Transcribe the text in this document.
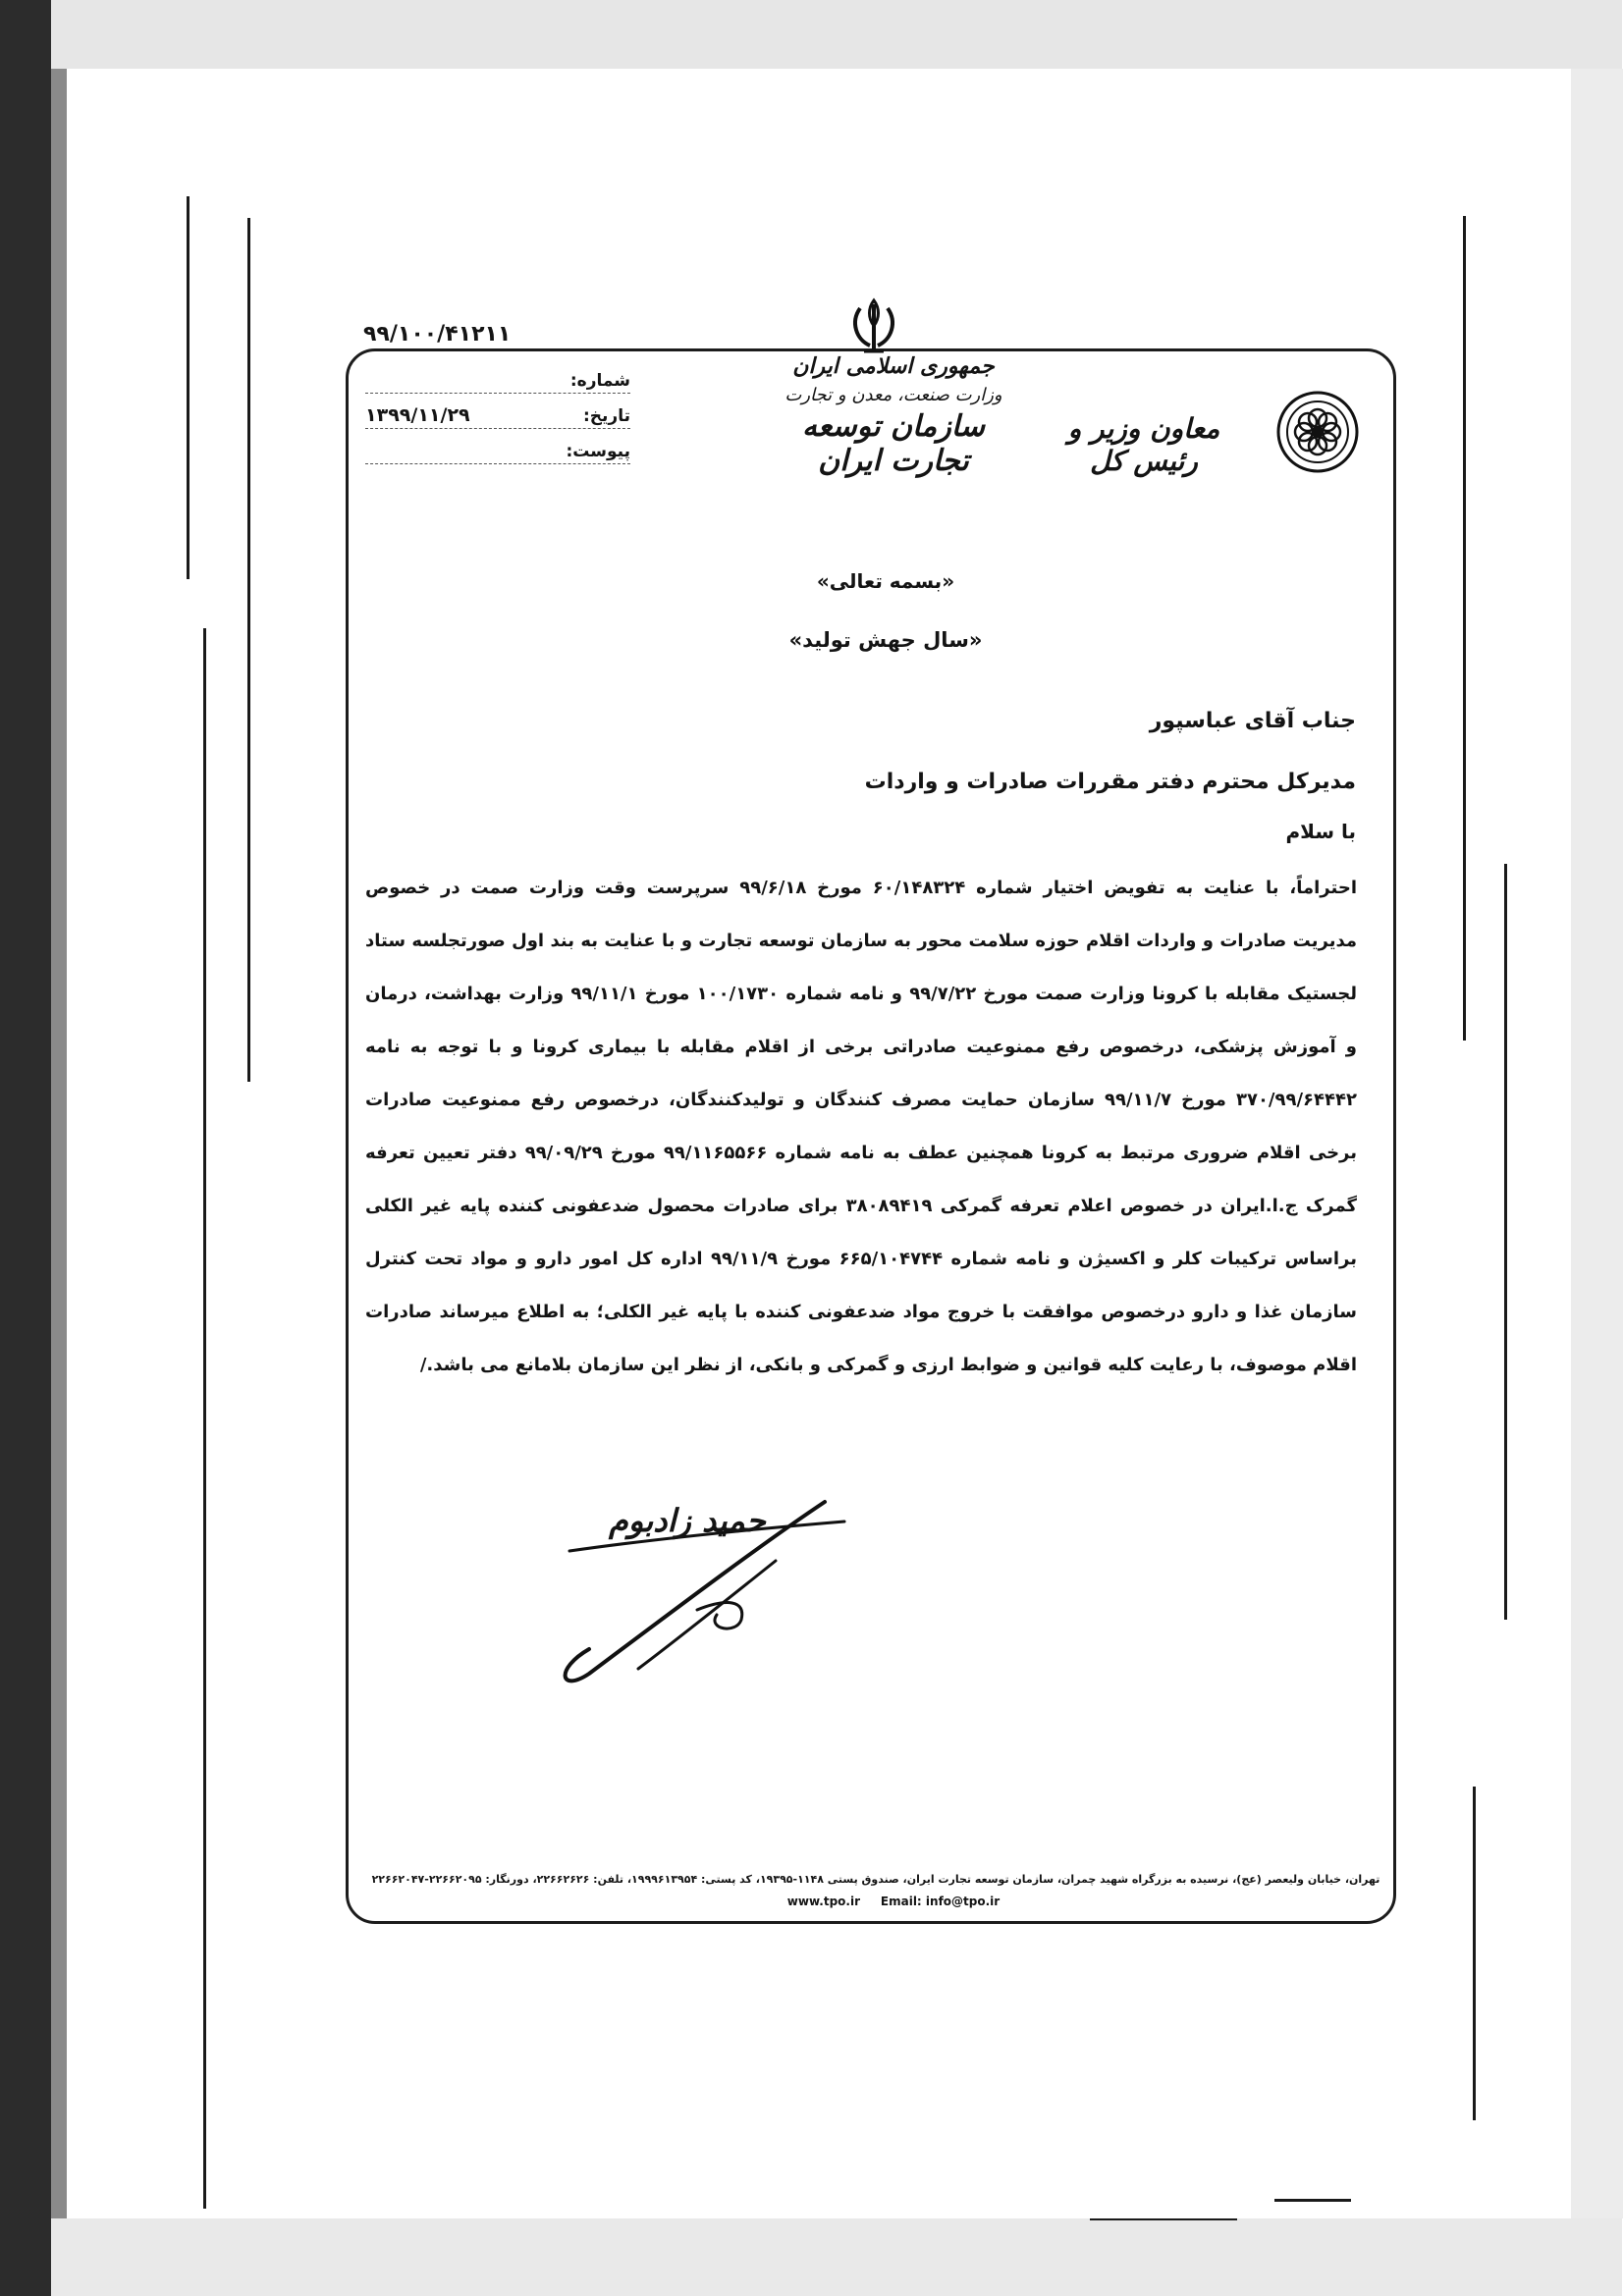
۹۹/۱۰۰/۴۱۲۱۱
شماره:
تاریخ:
۱۳۹۹/۱۱/۲۹
پیوست:
جمهوری اسلامی ایران
وزارت صنعت، معدن و تجارت
سازمان توسعه تجارت ایران
معاون وزیر و رئیس کل
«بسمه تعالی»
«سال جهش تولید»
جناب آقای عباسپور
مدیرکل محترم دفتر مقررات صادرات و واردات
با سلام
احتراماً، با عنایت به تفویض اختیار شماره ۶۰/۱۴۸۳۲۴ مورخ ۹۹/۶/۱۸ سرپرست وقت وزارت صمت در خصوص مدیریت صادرات و واردات اقلام حوزه سلامت محور به سازمان توسعه تجارت و با عنایت به بند اول صورتجلسه ستاد لجستیک مقابله با کرونا وزارت صمت مورخ ۹۹/۷/۲۲ و نامه شماره ۱۰۰/۱۷۳۰ مورخ ۹۹/۱۱/۱ وزارت بهداشت، درمان و آموزش پزشکی، درخصوص رفع ممنوعیت صادراتی برخی از اقلام مقابله با بیماری کرونا و با توجه به نامه ۳۷۰/۹۹/۶۴۴۴۲ مورخ ۹۹/۱۱/۷ سازمان حمایت مصرف کنندگان و تولیدکنندگان، درخصوص رفع ممنوعیت صادرات برخی اقلام ضروری مرتبط به کرونا همچنین عطف به نامه شماره ۹۹/۱۱۶۵۵۶۶ مورخ ۹۹/۰۹/۲۹ دفتر تعیین تعرفه گمرک ج.ا.ایران در خصوص اعلام تعرفه گمرکی ۳۸۰۸۹۴۱۹ برای صادرات محصول ضدعفونی کننده پایه غیر الکلی براساس ترکیبات کلر و اکسیژن و نامه شماره ۶۶۵/۱۰۴۷۴۴ مورخ ۹۹/۱۱/۹ اداره کل امور دارو و مواد تحت کنترل سازمان غذا و دارو درخصوص موافقت با خروج مواد ضدعفونی کننده با پایه غیر الکلی؛ به اطلاع میرساند صادرات اقلام موصوف، با رعایت کلیه قوانین و ضوابط ارزی و گمرکی و بانکی، از نظر این سازمان بلامانع می باشد./
حمید زادبوم
تهران، خیابان ولیعصر (عج)، نرسیده به بزرگراه شهید چمران، سازمان توسعه تجارت ایران، صندوق پستی ۱۱۴۸-۱۹۳۹۵، کد پستی: ۱۹۹۹۶۱۳۹۵۴، تلفن: ۲۲۶۶۲۶۲۶، دورنگار: ۲۲۶۶۲۰۹۵-۲۲۶۶۲۰۴۷
www.tpo.ir Email: info@tpo.ir
